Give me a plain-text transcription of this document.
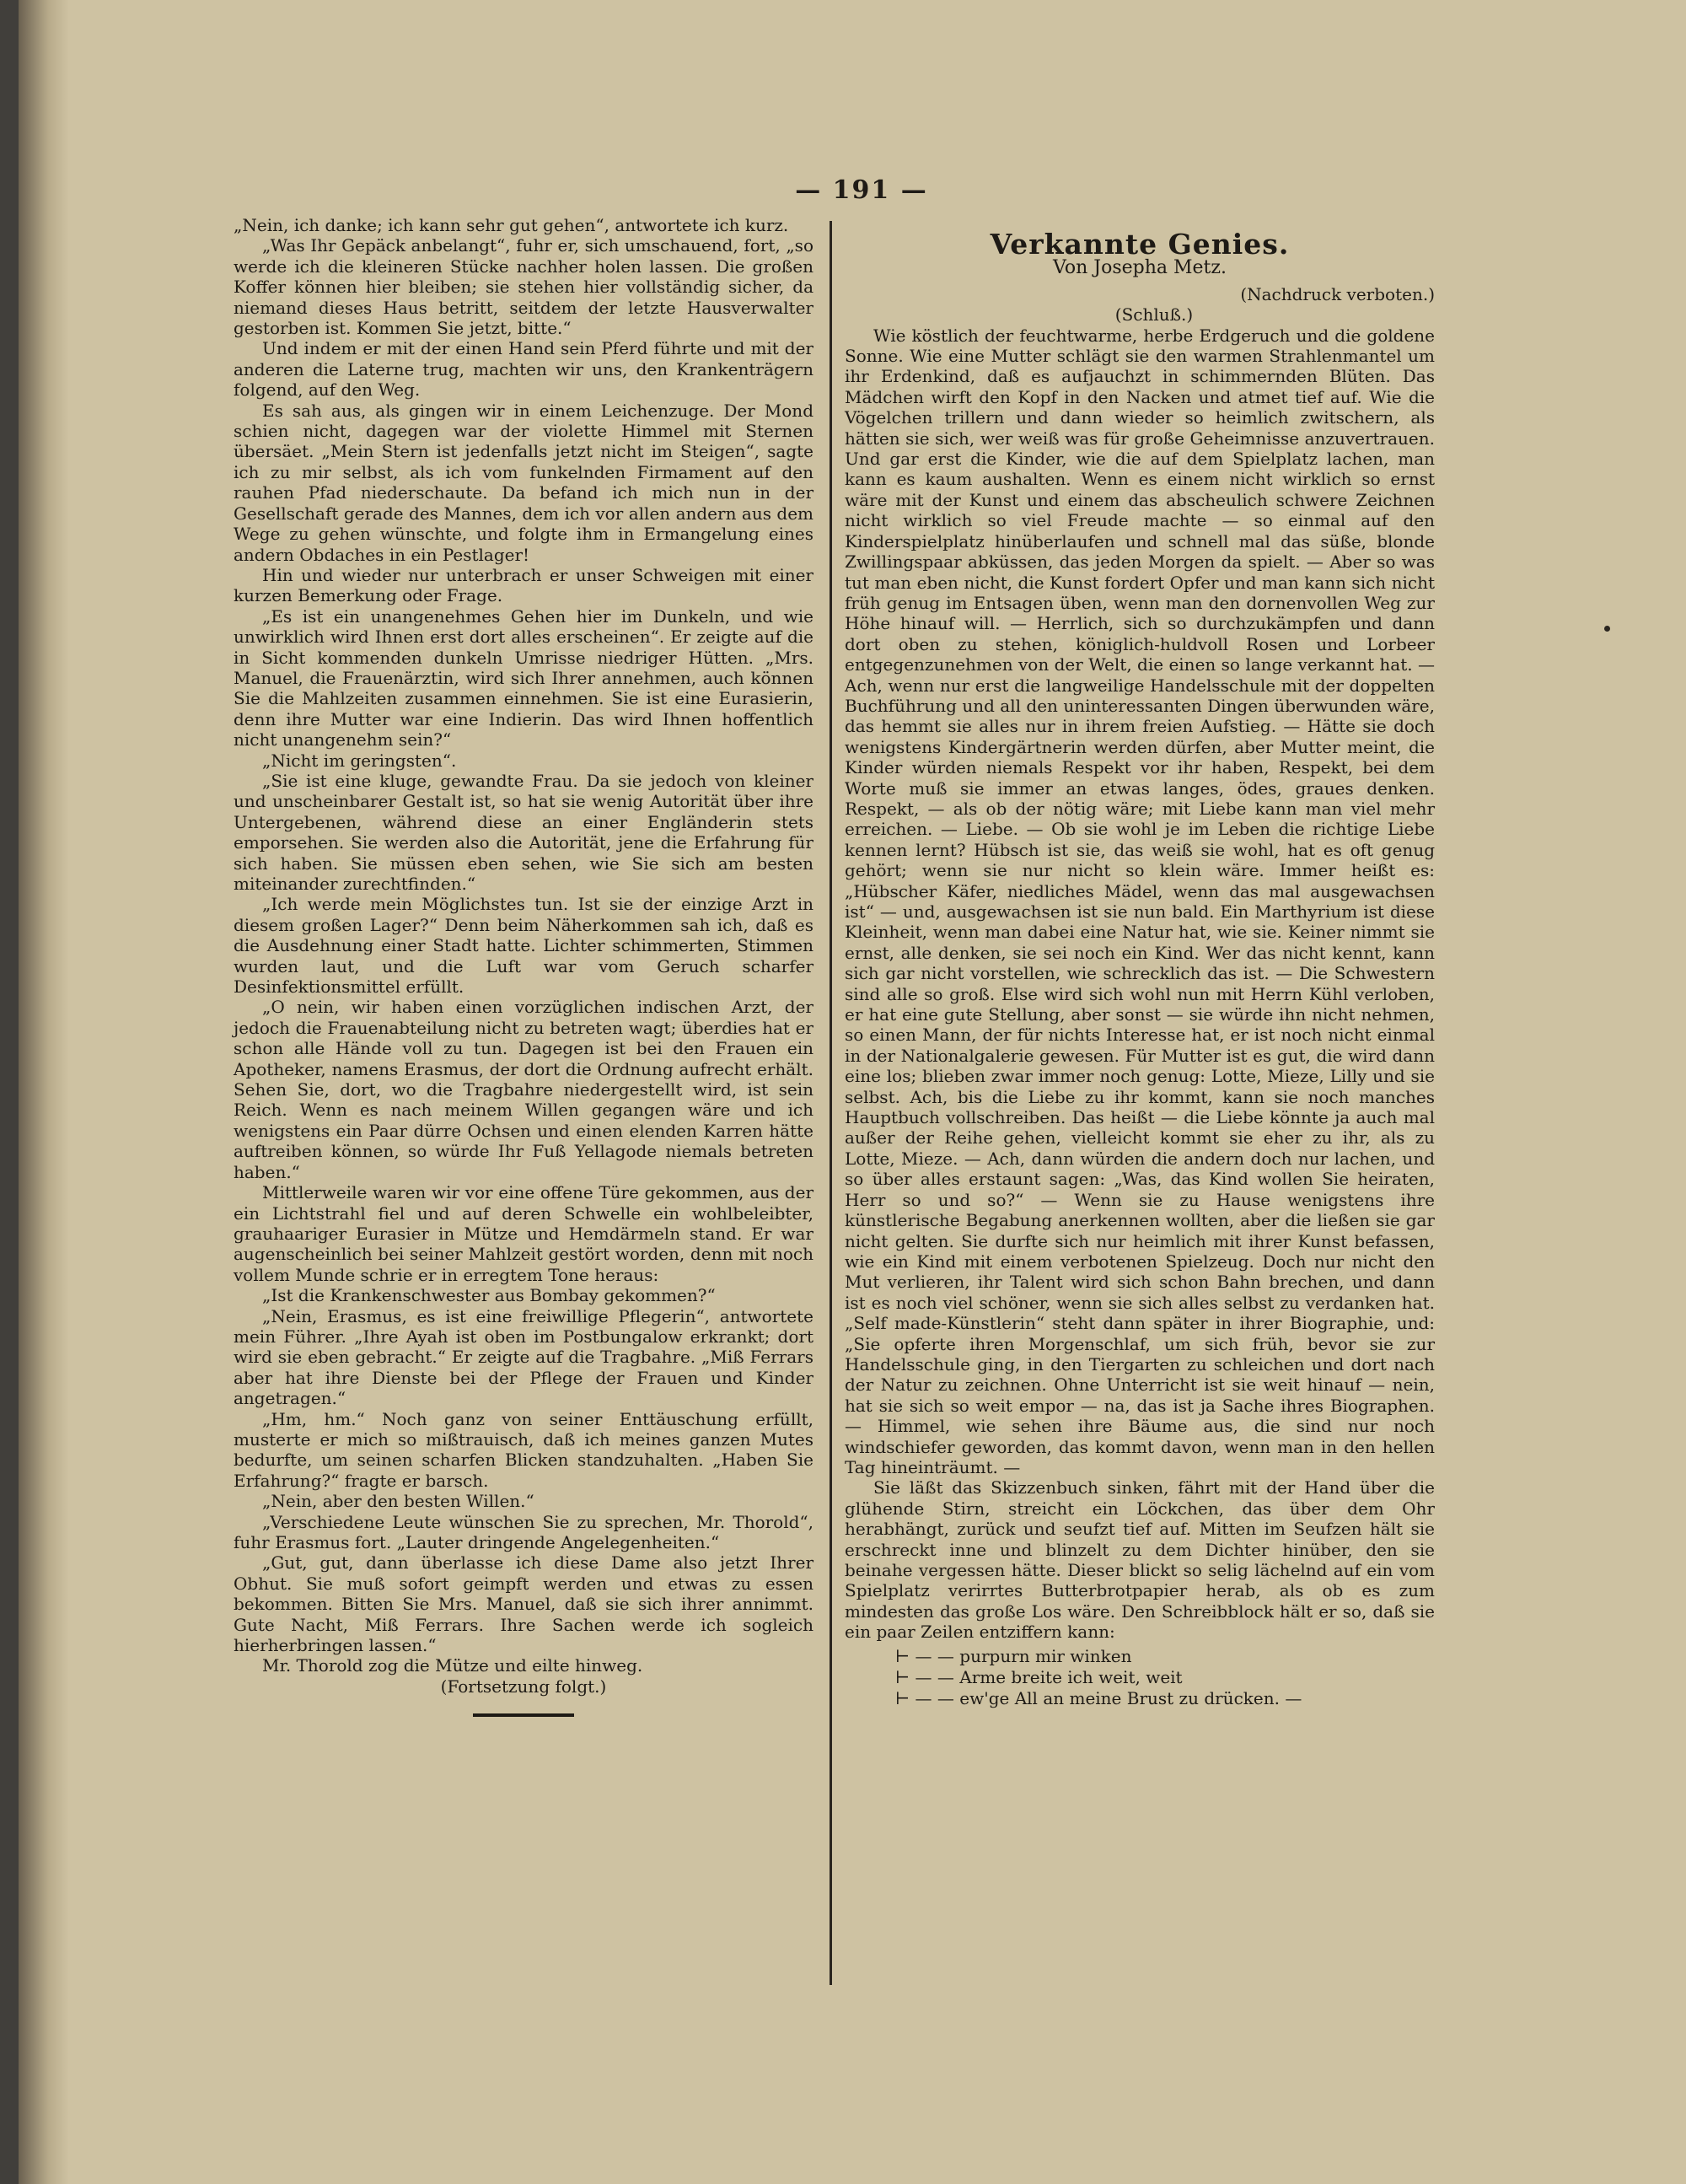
— 191 —

„Nein, ich danke; ich kann sehr gut gehen“, antwortete ich kurz.

„Was Ihr Gepäck anbelangt“, fuhr er, sich umschauend, fort, „so werde ich die kleineren Stücke nachher holen lassen. Die großen Koffer können hier bleiben; sie stehen hier vollständig sicher, da niemand dieses Haus betritt, seitdem der letzte Hausverwalter gestorben ist. Kommen Sie jetzt, bitte.“

Und indem er mit der einen Hand sein Pferd führte und mit der anderen die Laterne trug, machten wir uns, den Krankenträgern folgend, auf den Weg.

Es sah aus, als gingen wir in einem Leichenzuge. Der Mond schien nicht, dagegen war der violette Himmel mit Sternen übersäet. „Mein Stern ist jedenfalls jetzt nicht im Steigen“, sagte ich zu mir selbst, als ich vom funkelnden Firmament auf den rauhen Pfad niederschaute. Da befand ich mich nun in der Gesellschaft gerade des Mannes, dem ich vor allen andern aus dem Wege zu gehen wünschte, und folgte ihm in Ermangelung eines andern Obdaches in ein Pestlager!

Hin und wieder nur unterbrach er unser Schweigen mit einer kurzen Bemerkung oder Frage.

„Es ist ein unangenehmes Gehen hier im Dunkeln, und wie unwirklich wird Ihnen erst dort alles erscheinen“. Er zeigte auf die in Sicht kommenden dunkeln Umrisse niedriger Hütten. „Mrs. Manuel, die Frauenärztin, wird sich Ihrer annehmen, auch können Sie die Mahlzeiten zusammen einnehmen. Sie ist eine Eurasierin, denn ihre Mutter war eine Indierin. Das wird Ihnen hoffentlich nicht unangenehm sein?“

„Nicht im geringsten“.

„Sie ist eine kluge, gewandte Frau. Da sie jedoch von kleiner und unscheinbarer Gestalt ist, so hat sie wenig Autorität über ihre Untergebenen, während diese an einer Engländerin stets emporsehen. Sie werden also die Autorität, jene die Erfahrung für sich haben. Sie müssen eben sehen, wie Sie sich am besten miteinander zurechtfinden.“

„Ich werde mein Möglichstes tun. Ist sie der einzige Arzt in diesem großen Lager?“ Denn beim Näherkommen sah ich, daß es die Ausdehnung einer Stadt hatte. Lichter schimmerten, Stimmen wurden laut, und die Luft war vom Geruch scharfer Desinfektionsmittel erfüllt.

„O nein, wir haben einen vorzüglichen indischen Arzt, der jedoch die Frauenabteilung nicht zu betreten wagt; überdies hat er schon alle Hände voll zu tun. Dagegen ist bei den Frauen ein Apotheker, namens Erasmus, der dort die Ordnung aufrecht erhält. Sehen Sie, dort, wo die Tragbahre niedergestellt wird, ist sein Reich. Wenn es nach meinem Willen gegangen wäre und ich wenigstens ein Paar dürre Ochsen und einen elenden Karren hätte auftreiben können, so würde Ihr Fuß Yellagode niemals betreten haben.“

Mittlerweile waren wir vor eine offene Türe gekommen, aus der ein Lichtstrahl fiel und auf deren Schwelle ein wohlbeleibter, grauhaariger Eurasier in Mütze und Hemdärmeln stand. Er war augenscheinlich bei seiner Mahlzeit gestört worden, denn mit noch vollem Munde schrie er in erregtem Tone heraus:

„Ist die Krankenschwester aus Bombay gekommen?“

„Nein, Erasmus, es ist eine freiwillige Pflegerin“, antwortete mein Führer. „Ihre Ayah ist oben im Postbungalow erkrankt; dort wird sie eben gebracht.“ Er zeigte auf die Tragbahre. „Miß Ferrars aber hat ihre Dienste bei der Pflege der Frauen und Kinder angetragen.“

„Hm, hm.“ Noch ganz von seiner Enttäuschung erfüllt, musterte er mich so mißtrauisch, daß ich meines ganzen Mutes bedurfte, um seinen scharfen Blicken standzuhalten. „Haben Sie Erfahrung?“ fragte er barsch.

„Nein, aber den besten Willen.“

„Verschiedene Leute wünschen Sie zu sprechen, Mr. Thorold“, fuhr Erasmus fort. „Lauter dringende Angelegenheiten.“

„Gut, gut, dann überlasse ich diese Dame also jetzt Ihrer Obhut. Sie muß sofort geimpft werden und etwas zu essen bekommen. Bitten Sie Mrs. Manuel, daß sie sich ihrer annimmt. Gute Nacht, Miß Ferrars. Ihre Sachen werde ich sogleich hierherbringen lassen.“

Mr. Thorold zog die Mütze und eilte hinweg.

(Fortsetzung folgt.)

Verkannte Genies.
Von Josepha Metz.

(Nachdruck verboten.)

(Schluß.)

Wie köstlich der feuchtwarme, herbe Erdgeruch und die goldene Sonne. Wie eine Mutter schlägt sie den warmen Strahlenmantel um ihr Erdenkind, daß es aufjauchzt in schimmernden Blüten. Das Mädchen wirft den Kopf in den Nacken und atmet tief auf. Wie die Vögelchen trillern und dann wieder so heimlich zwitschern, als hätten sie sich, wer weiß was für große Geheimnisse anzuvertrauen. Und gar erst die Kinder, wie die auf dem Spielplatz lachen, man kann es kaum aushalten. Wenn es einem nicht wirklich so ernst wäre mit der Kunst und einem das abscheulich schwere Zeichnen nicht wirklich so viel Freude machte — so einmal auf den Kinderspielplatz hinüberlaufen und schnell mal das süße, blonde Zwillingspaar abküssen, das jeden Morgen da spielt. — Aber so was tut man eben nicht, die Kunst fordert Opfer und man kann sich nicht früh genug im Entsagen üben, wenn man den dornenvollen Weg zur Höhe hinauf will. — Herrlich, sich so durchzukämpfen und dann dort oben zu stehen, königlich-huldvoll Rosen und Lorbeer entgegenzunehmen von der Welt, die einen so lange verkannt hat. — Ach, wenn nur erst die langweilige Handelsschule mit der doppelten Buchführung und all den uninteressanten Dingen überwunden wäre, das hemmt sie alles nur in ihrem freien Aufstieg. — Hätte sie doch wenigstens Kindergärtnerin werden dürfen, aber Mutter meint, die Kinder würden niemals Respekt vor ihr haben, Respekt, bei dem Worte muß sie immer an etwas langes, ödes, graues denken. Respekt, — als ob der nötig wäre; mit Liebe kann man viel mehr erreichen. — Liebe. — Ob sie wohl je im Leben die richtige Liebe kennen lernt? Hübsch ist sie, das weiß sie wohl, hat es oft genug gehört; wenn sie nur nicht so klein wäre. Immer heißt es: „Hübscher Käfer, niedliches Mädel, wenn das mal ausgewachsen ist“ — und, ausgewachsen ist sie nun bald. Ein Marthyrium ist diese Kleinheit, wenn man dabei eine Natur hat, wie sie. Keiner nimmt sie ernst, alle denken, sie sei noch ein Kind. Wer das nicht kennt, kann sich gar nicht vorstellen, wie schrecklich das ist. — Die Schwestern sind alle so groß. Else wird sich wohl nun mit Herrn Kühl verloben, er hat eine gute Stellung, aber sonst — sie würde ihn nicht nehmen, so einen Mann, der für nichts Interesse hat, er ist noch nicht einmal in der Nationalgalerie gewesen. Für Mutter ist es gut, die wird dann eine los; blieben zwar immer noch genug: Lotte, Mieze, Lilly und sie selbst. Ach, bis die Liebe zu ihr kommt, kann sie noch manches Hauptbuch vollschreiben. Das heißt — die Liebe könnte ja auch mal außer der Reihe gehen, vielleicht kommt sie eher zu ihr, als zu Lotte, Mieze. — Ach, dann würden die andern doch nur lachen, und so über alles erstaunt sagen: „Was, das Kind wollen Sie heiraten, Herr so und so?“ — Wenn sie zu Hause wenigstens ihre künstlerische Begabung anerkennen wollten, aber die ließen sie gar nicht gelten. Sie durfte sich nur heimlich mit ihrer Kunst befassen, wie ein Kind mit einem verbotenen Spielzeug. Doch nur nicht den Mut verlieren, ihr Talent wird sich schon Bahn brechen, und dann ist es noch viel schöner, wenn sie sich alles selbst zu verdanken hat. „Self made-Künstlerin“ steht dann später in ihrer Biographie, und: „Sie opferte ihren Morgenschlaf, um sich früh, bevor sie zur Handelsschule ging, in den Tiergarten zu schleichen und dort nach der Natur zu zeichnen. Ohne Unterricht ist sie weit hinauf — nein, hat sie sich so weit empor — na, das ist ja Sache ihres Biographen. — Himmel, wie sehen ihre Bäume aus, die sind nur noch windschiefer geworden, das kommt davon, wenn man in den hellen Tag hineinträumt. —

Sie läßt das Skizzenbuch sinken, fährt mit der Hand über die glühende Stirn, streicht ein Löckchen, das über dem Ohr herabhängt, zurück und seufzt tief auf. Mitten im Seufzen hält sie erschreckt inne und blinzelt zu dem Dichter hinüber, den sie beinahe vergessen hätte. Dieser blickt so selig lächelnd auf ein vom Spielplatz verirrtes Butterbrotpapier herab, als ob es zum mindesten das große Los wäre. Den Schreibblock hält er so, daß sie ein paar Zeilen entziffern kann:

⊢ — — purpurn mir winken
⊢ — — Arme breite ich weit, weit
⊢ — — ew'ge All an meine Brust zu drücken. —
